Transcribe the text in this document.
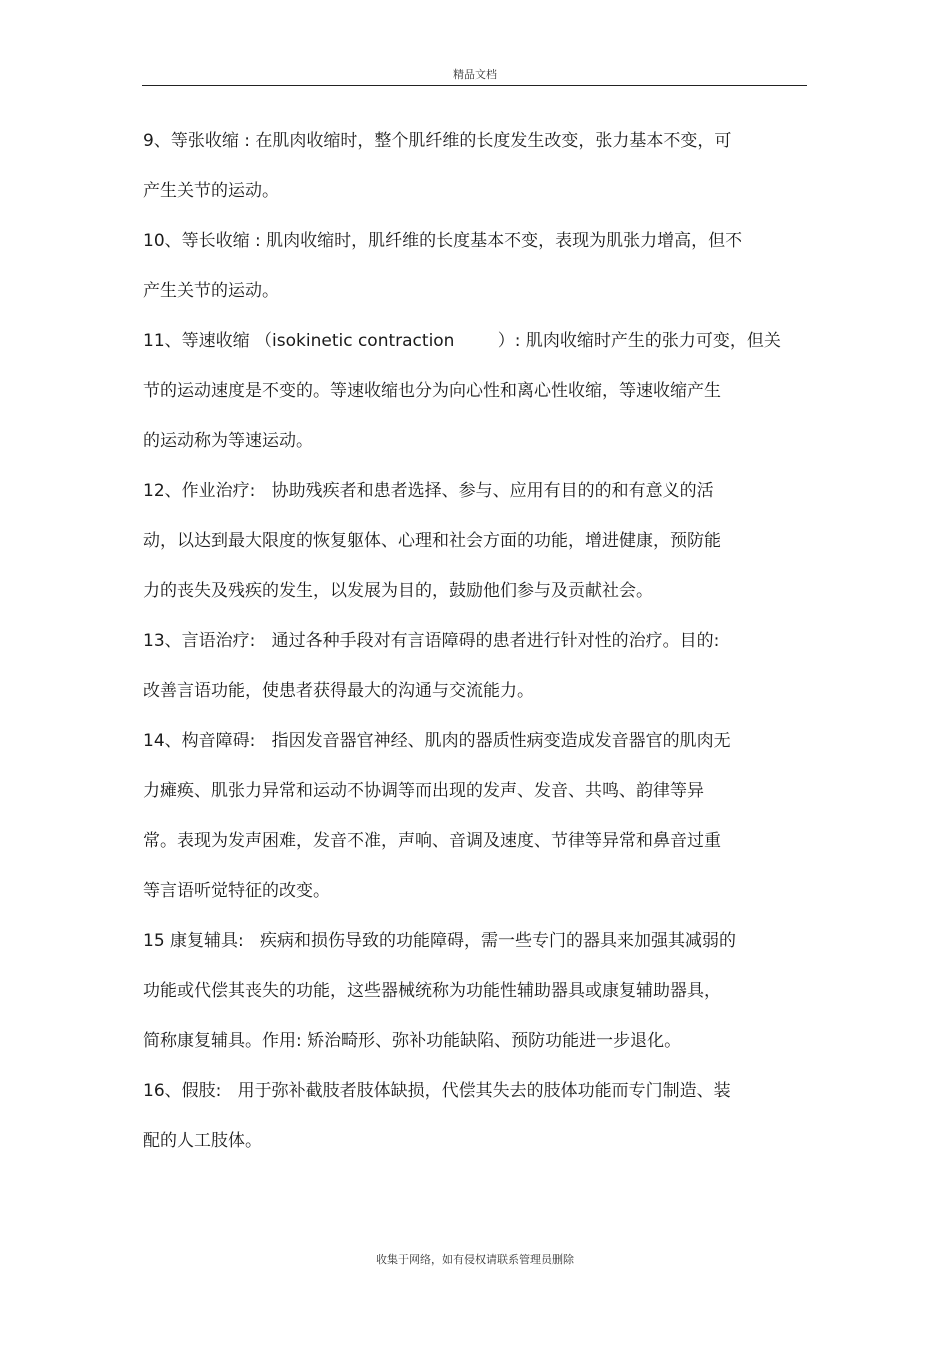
精品文档
9、等张收缩 : 在肌肉收缩时，整个肌纤维的长度发生改变，张力基本不变，可
产生关节的运动。
10、等长收缩 : 肌肉收缩时，肌纤维的长度基本不变，表现为肌张力增高，但不
产生关节的运动。
11、等速收缩 （isokinetic contraction        ）: 肌肉收缩时产生的张力可变，但关
节的运动速度是不变的。等速收缩也分为向心性和离心性收缩，等速收缩产生
的运动称为等速运动。
12、作业治疗:   协助残疾者和患者选择、参与、应用有目的的和有意义的活
动，以达到最大限度的恢复躯体、心理和社会方面的功能，增进健康，预防能
力的丧失及残疾的发生，以发展为目的，鼓励他们参与及贡献社会。
13、言语治疗:   通过各种手段对有言语障碍的患者进行针对性的治疗。目的:
改善言语功能，使患者获得最大的沟通与交流能力。
14、构音障碍:   指因发音器官神经、肌肉的器质性病变造成发音器官的肌肉无
力瘫痪、肌张力异常和运动不协调等而出现的发声、发音、共鸣、韵律等异
常。表现为发声困难，发音不准，声响、音调及速度、节律等异常和鼻音过重
等言语听觉特征的改变。
15 康复辅具:   疾病和损伤导致的功能障碍，需一些专门的器具来加强其减弱的
功能或代偿其丧失的功能，这些器械统称为功能性辅助器具或康复辅助器具，
简称康复辅具。作用: 矫治畸形、弥补功能缺陷、预防功能进一步退化。
16、假肢:   用于弥补截肢者肢体缺损，代偿其失去的肢体功能而专门制造、装
配的人工肢体。
收集于网络，如有侵权请联系管理员删除
